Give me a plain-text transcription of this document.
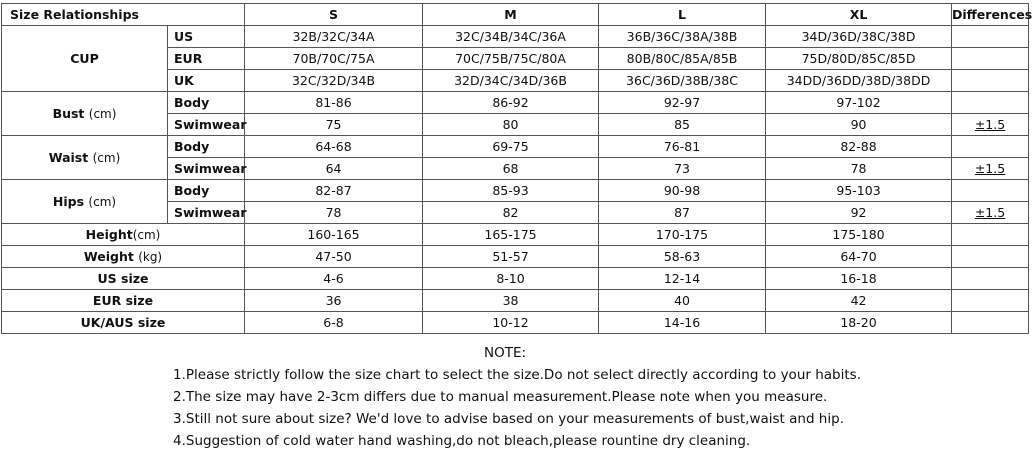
Size Relationships		S	M	L	XL	Differences
CUP	US	32B/32C/34A	32C/34B/34C/36A	36B/36C/38A/38B	34D/36D/38C/38D	
	EUR	70B/70C/75A	70C/75B/75C/80A	80B/80C/85A/85B	75D/80D/85C/85D	
	UK	32C/32D/34B	32D/34C/34D/36B	36C/36D/38B/38C	34DD/36DD/38D/38DD	
Bust (cm)	Body	81-86	86-92	92-97	97-102	
	Swimwear	75	80	85	90	±1.5
Waist (cm)	Body	64-68	69-75	76-81	82-88	
	Swimwear	64	68	73	78	±1.5
Hips (cm)	Body	82-87	85-93	90-98	95-103	
	Swimwear	78	82	87	92	±1.5
Height(cm)		160-165	165-175	170-175	175-180	
Weight (kg)		47-50	51-57	58-63	64-70	
US size		4-6	8-10	12-14	16-18	
EUR size		36	38	40	42	
UK/AUS size		6-8	10-12	14-16	18-20	
NOTE:
1.Please strictly follow the size chart to select the size.Do not select directly according to your habits.
2.The size may have 2-3cm differs due to manual measurement.Please note when you measure.
3.Still not sure about size? We'd love to advise based on your measurements of bust,waist and hip.
4.Suggestion of cold water hand washing,do not bleach,please rountine dry cleaning.
